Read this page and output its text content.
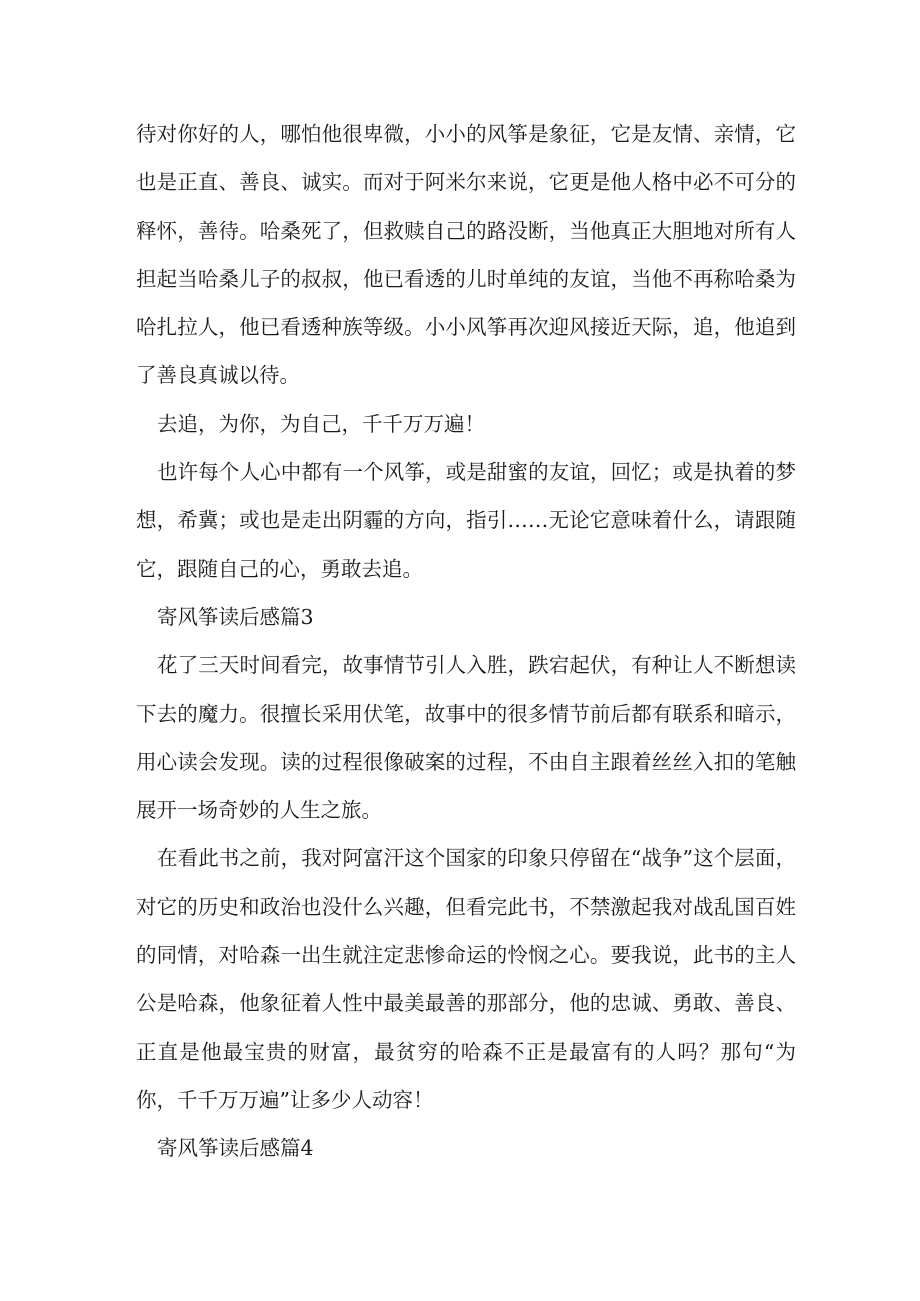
待对你好的人，哪怕他很卑微，小小的风筝是象征，它是友情、亲情，它也是正直、善良、诚实。而对于阿米尔来说，它更是他人格中必不可分的释怀，善待。哈桑死了，但救赎自己的路没断，当他真正大胆地对所有人担起当哈桑儿子的叔叔，他已看透的儿时单纯的友谊，当他不再称哈桑为哈扎拉人，他已看透种族等级。小小风筝再次迎风接近天际，追，他追到了善良真诚以待。

去追，为你，为自己，千千万万遍！

也许每个人心中都有一个风筝，或是甜蜜的友谊，回忆；或是执着的梦想，希冀；或也是走出阴霾的方向，指引……无论它意味着什么，请跟随它，跟随自己的心，勇敢去追。

寄风筝读后感篇3

花了三天时间看完，故事情节引人入胜，跌宕起伏，有种让人不断想读下去的魔力。很擅长采用伏笔，故事中的很多情节前后都有联系和暗示，用心读会发现。读的过程很像破案的过程，不由自主跟着丝丝入扣的笔触展开一场奇妙的人生之旅。

在看此书之前，我对阿富汗这个国家的印象只停留在“战争”这个层面，对它的历史和政治也没什么兴趣，但看完此书，不禁激起我对战乱国百姓的同情，对哈森一出生就注定悲惨命运的怜悯之心。要我说，此书的主人公是哈森，他象征着人性中最美最善的那部分，他的忠诚、勇敢、善良、正直是他最宝贵的财富，最贫穷的哈森不正是最富有的人吗？那句“为你，千千万万遍”让多少人动容！

寄风筝读后感篇4
